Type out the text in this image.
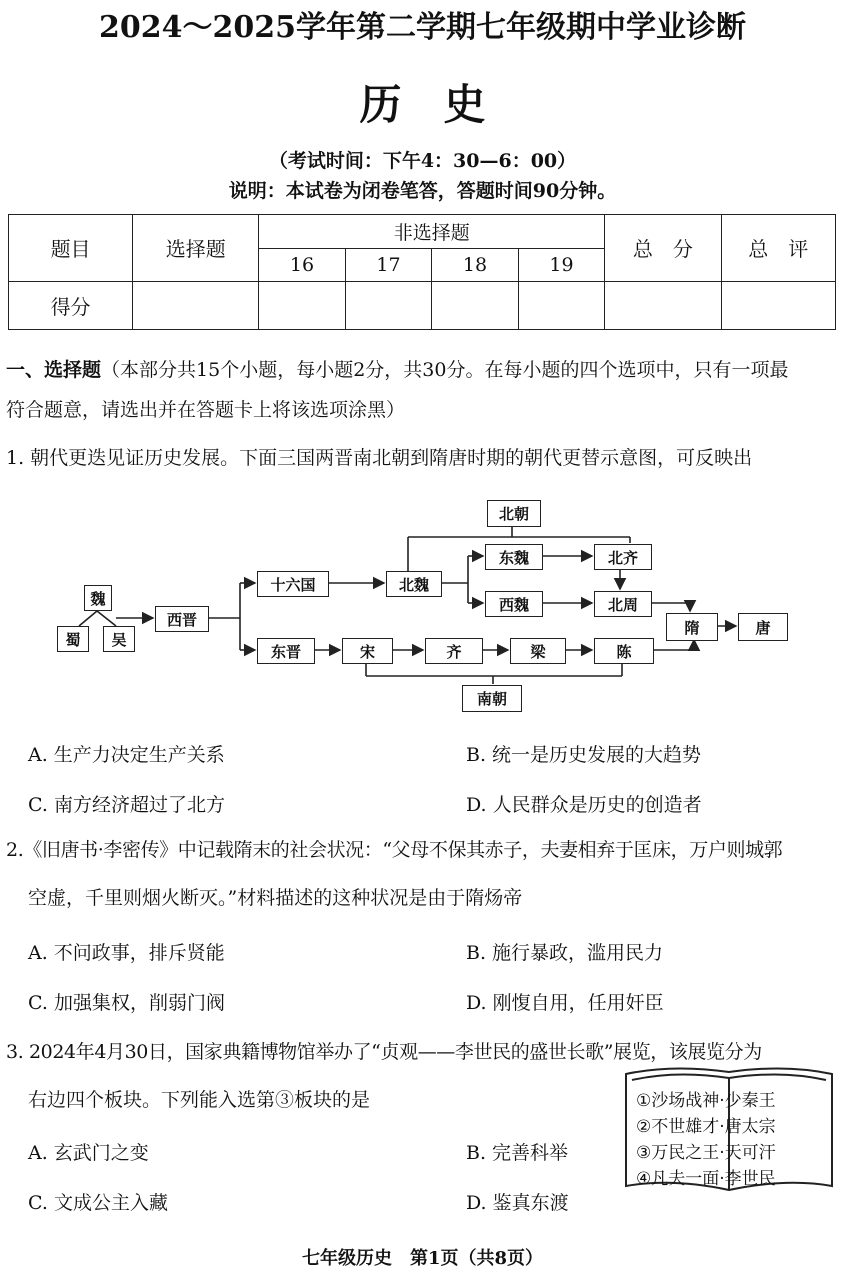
2024～2025学年第二学期七年级期中学业诊断
历史
（考试时间：下午4：30—6：00）
说明：本试卷为闭卷笔答，答题时间90分钟。
题目	选择题	非选择题				总　分	总　评
		16	17	18	19		
得分							
一、选择题（本部分共15个小题，每小题2分，共30分。在每小题的四个选项中，只有一项最
符合题意，请选出并在答题卡上将该选项涂黑）
1. 朝代更迭见证历史发展。下面三国两晋南北朝到隋唐时期的朝代更替示意图，可反映出
魏
蜀	吴
西晋
十六国	北魏
北朝
东魏
西魏
北齐
北周
东晋	宋	齐	梁	陈
南朝
隋	唐
A. 生产力决定生产关系	B. 统一是历史发展的大趋势
C. 南方经济超过了北方	D. 人民群众是历史的创造者
2.《旧唐书·李密传》中记载隋末的社会状况：“父母不保其赤子，夫妻相弃于匡床，万户则城郭
空虚，千里则烟火断灭。”材料描述的这种状况是由于隋炀帝
A. 不问政事，排斥贤能	B. 施行暴政，滥用民力
C. 加强集权，削弱门阀	D. 刚愎自用，任用奸臣
3. 2024年4月30日，国家典籍博物馆举办了“贞观——李世民的盛世长歌”展览，该展览分为
右边四个板块。下列能入选第③板块的是
A. 玄武门之变	B. 完善科举
C. 文成公主入藏	D. 鉴真东渡
①沙场战神·少秦王
②不世雄才·唐太宗
③万民之王·天可汗
④凡夫一面·李世民
七年级历史　第1页（共8页）
